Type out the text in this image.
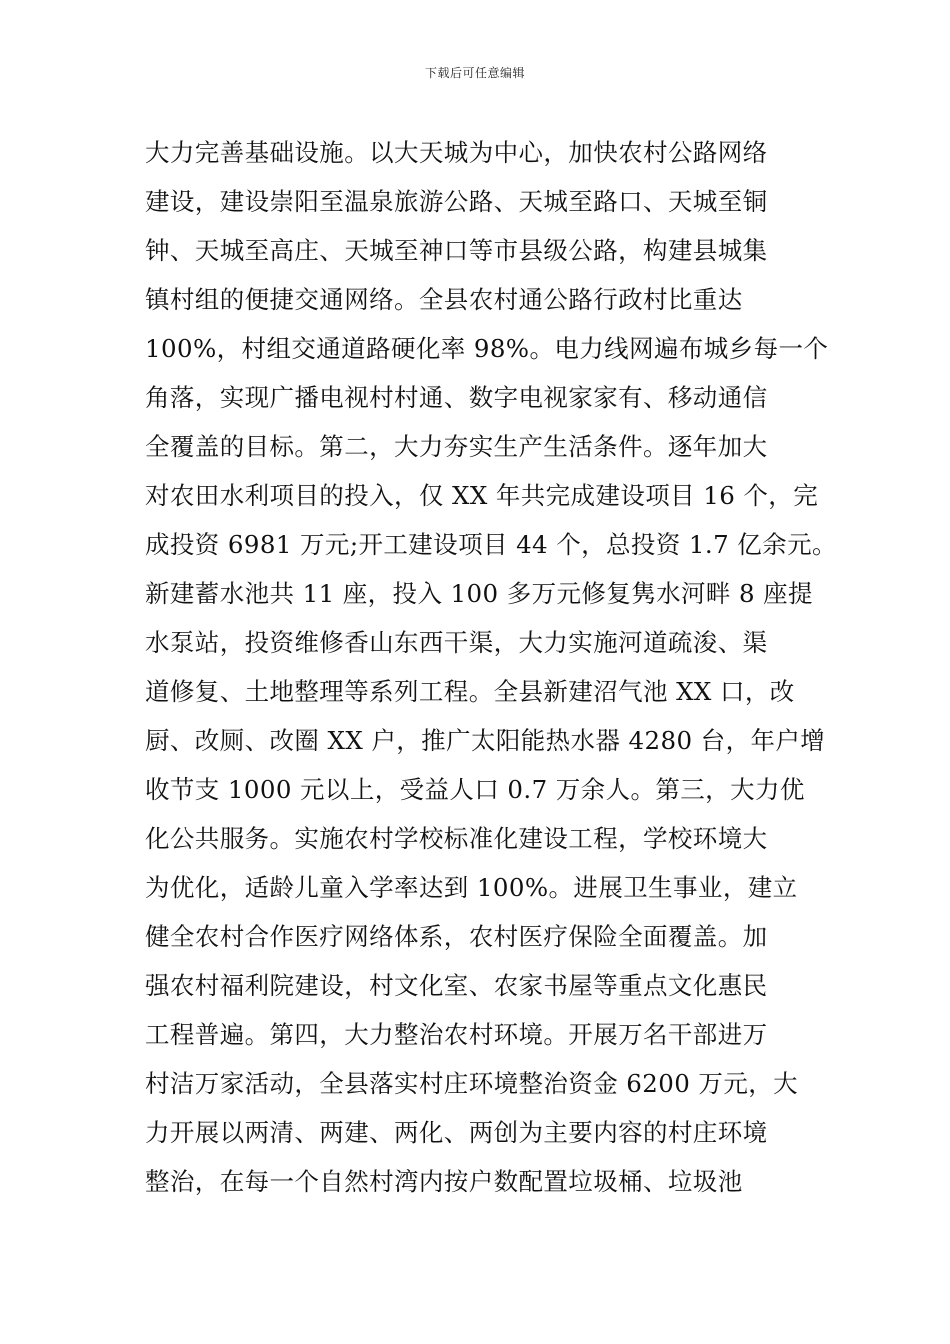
下载后可任意编辑
大力完善基础设施。以大天城为中心，加快农村公路网络
建设，建设崇阳至温泉旅游公路、天城至路口、天城至铜
钟、天城至高庄、天城至神口等市县级公路，构建县城集
镇村组的便捷交通网络。全县农村通公路行政村比重达
100%，村组交通道路硬化率 98%。电力线网遍布城乡每一个
角落，实现广播电视村村通、数字电视家家有、移动通信
全覆盖的目标。第二，大力夯实生产生活条件。逐年加大
对农田水利项目的投入，仅 XX 年共完成建设项目 16 个，完
成投资 6981 万元;开工建设项目 44 个，总投资 1.7 亿余元。
新建蓄水池共 11 座，投入 100 多万元修复隽水河畔 8 座提
水泵站，投资维修香山东西干渠，大力实施河道疏浚、渠
道修复、土地整理等系列工程。全县新建沼气池 XX 口，改
厨、改厕、改圈 XX 户，推广太阳能热水器 4280 台，年户增
收节支 1000 元以上，受益人口 0.7 万余人。第三，大力优
化公共服务。实施农村学校标准化建设工程，学校环境大
为优化，适龄儿童入学率达到 100%。进展卫生事业，建立
健全农村合作医疗网络体系，农村医疗保险全面覆盖。加
强农村福利院建设，村文化室、农家书屋等重点文化惠民
工程普遍。第四，大力整治农村环境。开展万名干部进万
村洁万家活动，全县落实村庄环境整治资金 6200 万元，大
力开展以两清、两建、两化、两创为主要内容的村庄环境
整治，在每一个自然村湾内按户数配置垃圾桶、垃圾池
